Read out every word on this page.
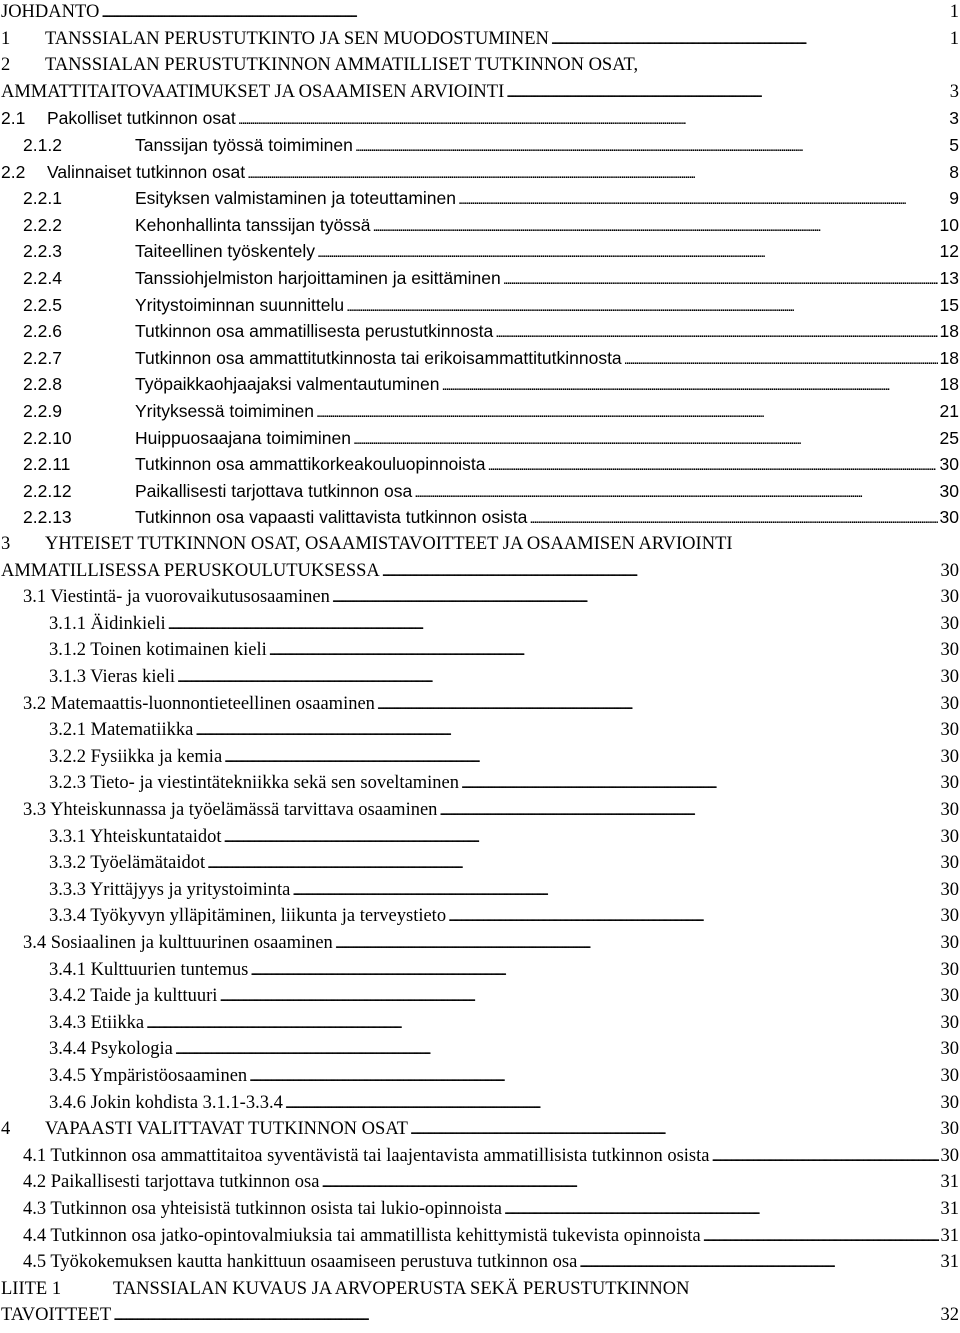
JOHDANTO . . .	1
1	TANSSIALAN PERUSTUTKINTO JA SEN MUODOSTUMINEN . . .	1
2	TANSSIALAN PERUSTUTKINNON AMMATILLISET TUTKINNON OSAT,
AMMATTITAITOVAATIMUKSET JA OSAAMISEN ARVIOINTI . . .	3
2.1	Pakolliset tutkinnon osat . . .	3
2.1.2	Tanssijan työssä toimiminen . . .	5
2.2	Valinnaiset tutkinnon osat . . .	8
2.2.1	Esityksen valmistaminen ja toteuttaminen . . .	9
2.2.2	Kehonhallinta tanssijan työssä . . .	10
2.2.3	Taiteellinen työskentely . . .	12
2.2.4	Tanssiohjelmiston harjoittaminen ja esittäminen . . .	13
2.2.5	Yritystoiminnan suunnittelu . . .	15
2.2.6	Tutkinnon osa ammatillisesta perustutkinnosta . . .	18
2.2.7	Tutkinnon osa ammattitutkinnosta tai erikoisammattitutkinnosta . . .	18
2.2.8	Työpaikkaohjaajaksi valmentautuminen . . .	18
2.2.9	Yrityksessä toimiminen . . .	21
2.2.10	Huippuosaajana toimiminen . . .	25
2.2.11	Tutkinnon osa ammattikorkeakouluopinnoista . . .	30
2.2.12	Paikallisesti tarjottava tutkinnon osa . . .	30
2.2.13	Tutkinnon osa vapaasti valittavista tutkinnon osista . . .	30
3	YHTEISET TUTKINNON OSAT, OSAAMISTAVOITTEET JA OSAAMISEN ARVIOINTI
AMMATILLISESSA PERUSKOULUTUKSESSA . . .	30
3.1 Viestintä- ja vuorovaikutusosaaminen . . .	30
3.1.1 Äidinkieli . . .	30
3.1.2 Toinen kotimainen kieli . . .	30
3.1.3 Vieras kieli . . .	30
3.2 Matemaattis-luonnontieteellinen osaaminen . . .	30
3.2.1 Matematiikka . . .	30
3.2.2 Fysiikka ja kemia . . .	30
3.2.3 Tieto- ja viestintätekniikka sekä sen soveltaminen . . .	30
3.3 Yhteiskunnassa ja työelämässä tarvittava osaaminen . . .	30
3.3.1 Yhteiskuntataidot . . .	30
3.3.2 Työelämätaidot . . .	30
3.3.3 Yrittäjyys ja yritystoiminta . . .	30
3.3.4 Työkyvyn ylläpitäminen, liikunta ja terveystieto . . .	30
3.4 Sosiaalinen ja kulttuurinen osaaminen . . .	30
3.4.1 Kulttuurien tuntemus . . .	30
3.4.2 Taide ja kulttuuri . . .	30
3.4.3 Etiikka . . .	30
3.4.4 Psykologia . . .	30
3.4.5 Ympäristöosaaminen . . .	30
3.4.6 Jokin kohdista 3.1.1-3.3.4 . . .	30
4	VAPAASTI VALITTAVAT TUTKINNON OSAT . . .	30
4.1 Tutkinnon osa ammattitaitoa syventävistä tai laajentavista ammatillisista tutkinnon osista . . .	30
4.2 Paikallisesti tarjottava tutkinnon osa . . .	31
4.3 Tutkinnon osa yhteisistä tutkinnon osista tai lukio-opinnoista . . .	31
4.4 Tutkinnon osa jatko-opintovalmiuksia tai ammatillista kehittymistä tukevista opinnoista . . .	31
4.5 Työkokemuksen kautta hankittuun osaamiseen perustuva tutkinnon osa . . .	31
LIITE 1	TANSSIALAN KUVAUS JA ARVOPERUSTA SEKÄ PERUSTUTKINNON
TAVOITTEET . . .	32
